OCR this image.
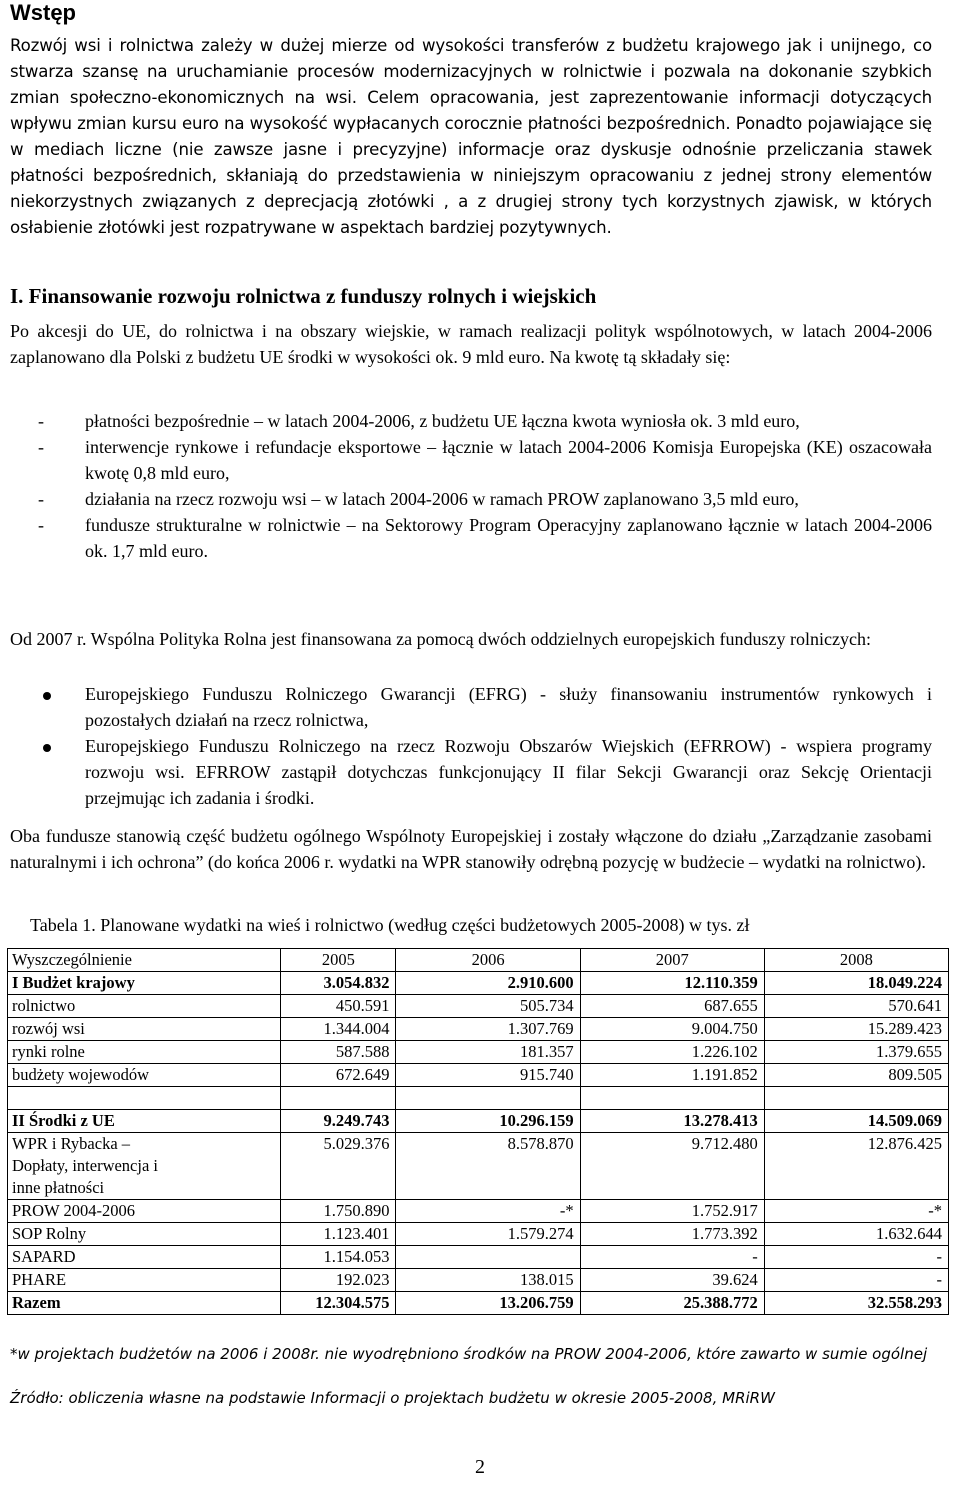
Wstęp
Rozwój wsi i rolnictwa zależy w dużej mierze od wysokości transferów z budżetu krajowego jak i unijnego, co stwarza szansę na uruchamianie procesów modernizacyjnych w rolnictwie i pozwala na dokonanie szybkich zmian społeczno-ekonomicznych na wsi. Celem opracowania, jest zaprezentowanie informacji dotyczących wpływu zmian kursu euro na wysokość wypłacanych corocznie płatności bezpośrednich. Ponadto pojawiające się w mediach liczne (nie zawsze jasne i precyzyjne) informacje oraz dyskusje odnośnie przeliczania stawek płatności bezpośrednich, skłaniają do przedstawienia w niniejszym opracowaniu z jednej strony elementów niekorzystnych związanych z deprecjacją złotówki , a z drugiej strony tych korzystnych zjawisk, w których osłabienie złotówki jest rozpatrywane w aspektach bardziej pozytywnych.
I. Finansowanie rozwoju rolnictwa z funduszy rolnych i wiejskich
Po akcesji do UE, do rolnictwa i na obszary wiejskie, w ramach realizacji polityk wspólnotowych, w latach 2004-2006 zaplanowano dla Polski z budżetu UE środki w wysokości ok. 9 mld euro. Na kwotę tą składały się:
- płatności bezpośrednie – w latach 2004-2006, z budżetu UE łączna kwota wyniosła ok. 3 mld euro,
- interwencje rynkowe i refundacje eksportowe – łącznie w latach 2004-2006 Komisja Europejska (KE) oszacowała kwotę 0,8 mld euro,
- działania na rzecz rozwoju wsi – w latach 2004-2006 w ramach PROW zaplanowano 3,5 mld euro,
- fundusze strukturalne w rolnictwie – na Sektorowy Program Operacyjny zaplanowano łącznie w latach 2004-2006 ok. 1,7 mld euro.
Od 2007 r. Wspólna Polityka Rolna jest finansowana za pomocą dwóch oddzielnych europejskich funduszy rolniczych:
Europejskiego Funduszu Rolniczego Gwarancji (EFRG) - służy finansowaniu instrumentów rynkowych i pozostałych działań na rzecz rolnictwa,
Europejskiego Funduszu Rolniczego na rzecz Rozwoju Obszarów Wiejskich (EFRROW) - wspiera programy rozwoju wsi. EFRROW zastąpił dotychczas funkcjonujący II filar Sekcji Gwarancji oraz Sekcję Orientacji przejmując ich zadania i środki.
Oba fundusze stanowią część budżetu ogólnego Wspólnoty Europejskiej i zostały włączone do działu „Zarządzanie zasobami naturalnymi i ich ochrona” (do końca 2006 r. wydatki na WPR stanowiły odrębną pozycję w budżecie – wydatki na rolnictwo).
Tabela 1. Planowane wydatki na wieś i rolnictwo (według części budżetowych 2005-2008) w tys. zł
Wyszczególnienie	2005	2006	2007	2008
I Budżet krajowy	3.054.832	2.910.600	12.110.359	18.049.224
rolnictwo	450.591	505.734	687.655	570.641
rozwój wsi	1.344.004	1.307.769	9.004.750	15.289.423
rynki rolne	587.588	181.357	1.226.102	1.379.655
budżety wojewodów	672.649	915.740	1.191.852	809.505

II Środki z UE	9.249.743	10.296.159	13.278.413	14.509.069
WPR i Rybacka – Dopłaty, interwencja i inne płatności	5.029.376	8.578.870	9.712.480	12.876.425
PROW 2004-2006	1.750.890	-*	1.752.917	-*
SOP Rolny	1.123.401	1.579.274	1.773.392	1.632.644
SAPARD	1.154.053		-	-
PHARE	192.023	138.015	39.624	-
Razem	12.304.575	13.206.759	25.388.772	32.558.293
*w projektach budżetów na 2006 i 2008r. nie wyodrębniono środków na PROW 2004-2006, które zawarto w sumie ogólnej
Źródło: obliczenia własne na podstawie Informacji o projektach budżetu w okresie 2005-2008, MRiRW
2
